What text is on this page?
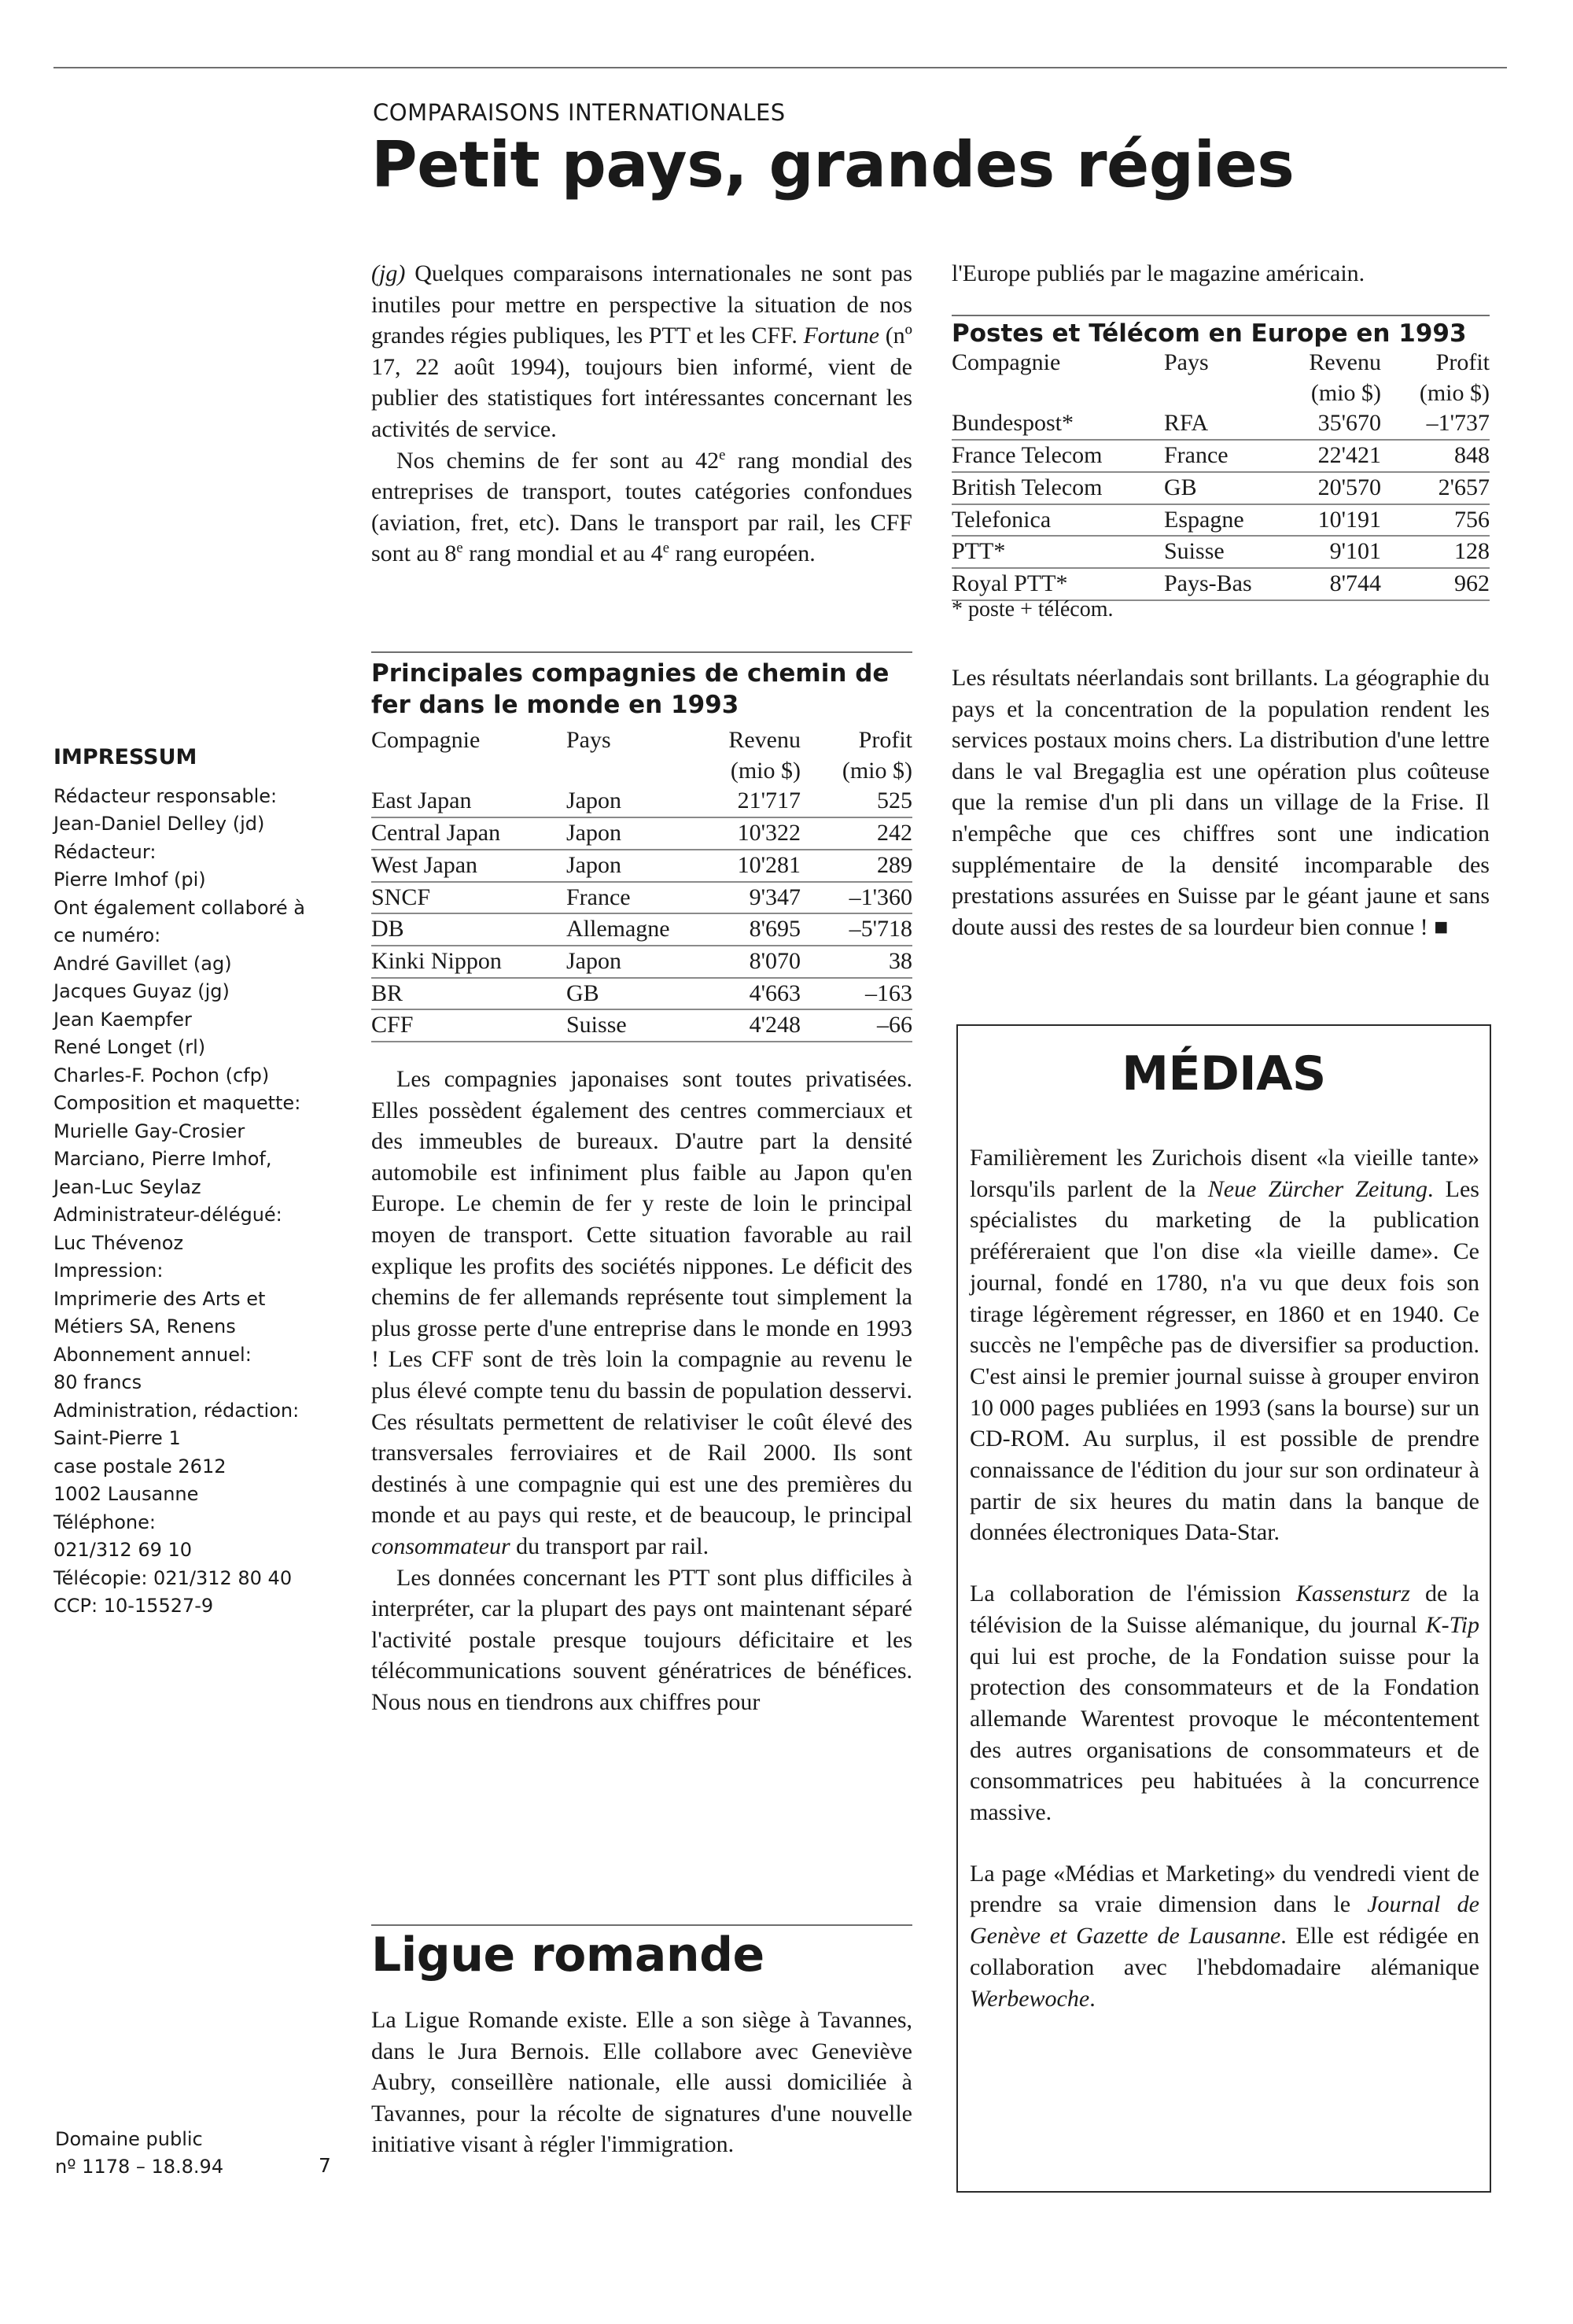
COMPARAISONS INTERNATIONALES
Petit pays, grandes régies

(jg) Quelques comparaisons internationales ne sont pas inutiles pour mettre en perspective la situation de nos grandes régies publiques, les PTT et les CFF. Fortune (nº 17, 22 août 1994), toujours bien informé, vient de publier des statistiques fort intéressantes concernant les activités de service.

Nos chemins de fer sont au 42e rang mondial des entreprises de transport, toutes catégories confondues (aviation, fret, etc). Dans le transport par rail, les CFF sont au 8e rang mondial et au 4e rang européen.

Principales compagnies de chemin de fer dans le monde en 1993
Compagnie	Pays	Revenu	Profit
		(mio $)	(mio $)
East Japan	Japon	21'717	525
Central Japan	Japon	10'322	242
West Japan	Japon	10'281	289
SNCF	France	9'347	–1'360
DB	Allemagne	8'695	–5'718
Kinki Nippon	Japon	8'070	38
BR	GB	4'663	–163
CFF	Suisse	4'248	–66

Les compagnies japonaises sont toutes privatisées. Elles possèdent également des centres commerciaux et des immeubles de bureaux. D'autre part la densité automobile est infiniment plus faible au Japon qu'en Europe. Le chemin de fer y reste de loin le principal moyen de transport. Cette situation favorable au rail explique les profits des sociétés nippones. Le déficit des chemins de fer allemands représente tout simplement la plus grosse perte d'une entreprise dans le monde en 1993 ! Les CFF sont de très loin la compagnie au revenu le plus élevé compte tenu du bassin de population desservi. Ces résultats permettent de relativiser le coût élevé des transversales ferroviaires et de Rail 2000. Ils sont destinés à une compagnie qui est une des premières du monde et au pays qui reste, et de beaucoup, le principal consommateur du transport par rail.

Les données concernant les PTT sont plus difficiles à interpréter, car la plupart des pays ont maintenant séparé l'activité postale presque toujours déficitaire et les télécommunications souvent génératrices de bénéfices. Nous nous en tiendrons aux chiffres pour

Ligue romande

La Ligue Romande existe. Elle a son siège à Tavannes, dans le Jura Bernois. Elle collabore avec Geneviève Aubry, conseillère nationale, elle aussi domiciliée à Tavannes, pour la récolte de signatures d'une nouvelle initiative visant à régler l'immigration.

l'Europe publiés par le magazine américain.

Postes et Télécom en Europe en 1993
Compagnie	Pays	Revenu	Profit
		(mio $)	(mio $)
Bundespost*	RFA	35'670	–1'737
France Telecom	France	22'421	848
British Telecom	GB	20'570	2'657
Telefonica	Espagne	10'191	756
PTT*	Suisse	9'101	128
Royal PTT*	Pays-Bas	8'744	962
* poste + télécom.

Les résultats néerlandais sont brillants. La géographie du pays et la concentration de la population rendent les services postaux moins chers. La distribution d'une lettre dans le val Bregaglia est une opération plus coûteuse que la remise d'un pli dans un village de la Frise. Il n'empêche que ces chiffres sont une indication supplémentaire de la densité incomparable des prestations assurées en Suisse par le géant jaune et sans doute aussi des restes de sa lourdeur bien connue ! ■

MÉDIAS

Familièrement les Zurichois disent «la vieille tante» lorsqu'ils parlent de la Neue Zürcher Zeitung. Les spécialistes du marketing de la publication préféreraient que l'on dise «la vieille dame». Ce journal, fondé en 1780, n'a vu que deux fois son tirage légèrement régresser, en 1860 et en 1940. Ce succès ne l'empêche pas de diversifier sa production. C'est ainsi le premier journal suisse à grouper environ 10 000 pages publiées en 1993 (sans la bourse) sur un CD-ROM. Au surplus, il est possible de prendre connaissance de l'édition du jour sur son ordinateur à partir de six heures du matin dans la banque de données électroniques Data-Star.

La collaboration de l'émission Kassensturz de la télévision de la Suisse alémanique, du journal K-Tip qui lui est proche, de la Fondation suisse pour la protection des consommateurs et de la Fondation allemande Warentest provoque le mécontentement des autres organisations de consommateurs et de consommatrices peu habituées à la concurrence massive.

La page «Médias et Marketing» du vendredi vient de prendre sa vraie dimension dans le Journal de Genève et Gazette de Lausanne. Elle est rédigée en collaboration avec l'hebdomadaire alémanique Werbewoche.

IMPRESSUM
Rédacteur responsable:
Jean-Daniel Delley (jd)
Rédacteur:
Pierre Imhof (pi)
Ont également collaboré à
ce numéro:
André Gavillet (ag)
Jacques Guyaz (jg)
Jean Kaempfer
René Longet (rl)
Charles-F. Pochon (cfp)
Composition et maquette:
Murielle Gay-Crosier
Marciano, Pierre Imhof,
Jean-Luc Seylaz
Administrateur-délégué:
Luc Thévenoz
Impression:
Imprimerie des Arts et
Métiers SA, Renens
Abonnement annuel:
80 francs
Administration, rédaction:
Saint-Pierre 1
case postale 2612
1002 Lausanne
Téléphone:
021/312 69 10
Télécopie: 021/312 80 40
CCP: 10-15527-9
Domaine public
nº 1178 – 18.8.94	7
